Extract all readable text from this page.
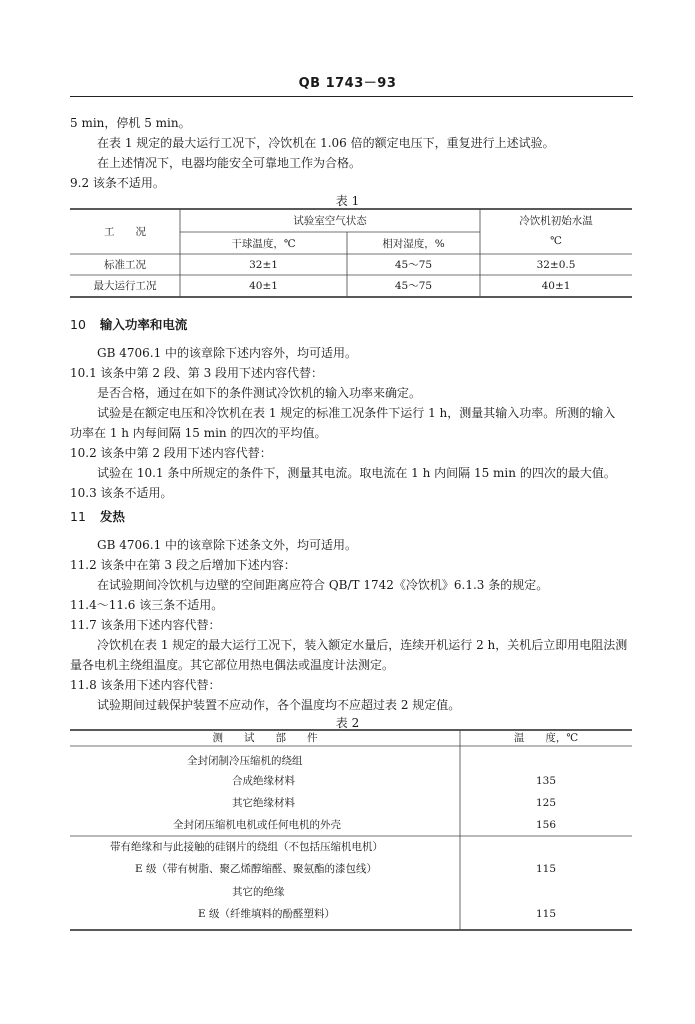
QB 1743－93
5 min，停机 5 min。
在表 1 规定的最大运行工况下，冷饮机在 1.06 倍的额定电压下，重复进行上述试验。
在上述情况下，电器均能安全可靠地工作为合格。
9.2 该条不适用。
表 1
工　　况
试验室空气状态
干球温度，℃	相对湿度，%
冷饮机初始水温
℃
标准工况	32±1	45～75	32±0.5
最大运行工况	40±1	45～75	40±1
10 输入功率和电流
GB 4706.1 中的该章除下述内容外，均可适用。
10.1 该条中第 2 段、第 3 段用下述内容代替：
是否合格，通过在如下的条件测试冷饮机的输入功率来确定。
试验是在额定电压和冷饮机在表 1 规定的标准工况条件下运行 1 h，测量其输入功率。所测的输入
功率在 1 h 内每间隔 15 min 的四次的平均值。
10.2 该条中第 2 段用下述内容代替：
试验在 10.1 条中所规定的条件下，测量其电流。取电流在 1 h 内间隔 15 min 的四次的最大值。
10.3 该条不适用。
11 发热
GB 4706.1 中的该章除下述条文外，均可适用。
11.2 该条中在第 3 段之后增加下述内容：
在试验期间冷饮机与边壁的空间距离应符合 QB/T 1742《冷饮机》6.1.3 条的规定。
11.4～11.6 该三条不适用。
11.7 该条用下述内容代替：
冷饮机在表 1 规定的最大运行工况下，装入额定水量后，连续开机运行 2 h，关机后立即用电阻法测
量各电机主绕组温度。其它部位用热电偶法或温度计法测定。
11.8 该条用下述内容代替：
试验期间过载保护装置不应动作，各个温度均不应超过表 2 规定值。
表 2
测　　试　　部　　件	温　　度，℃
全封闭制冷压缩机的绕组
合成绝缘材料	135
其它绝缘材料	125
全封闭压缩机电机或任何电机的外壳	156
带有绝缘和与此接触的硅钢片的绕组（不包括压缩机电机）
E 级（带有树脂、聚乙烯醇缩醛、聚氨酯的漆包线）	115
其它的绝缘
E 级（纤维填料的酚醛塑料）	115
